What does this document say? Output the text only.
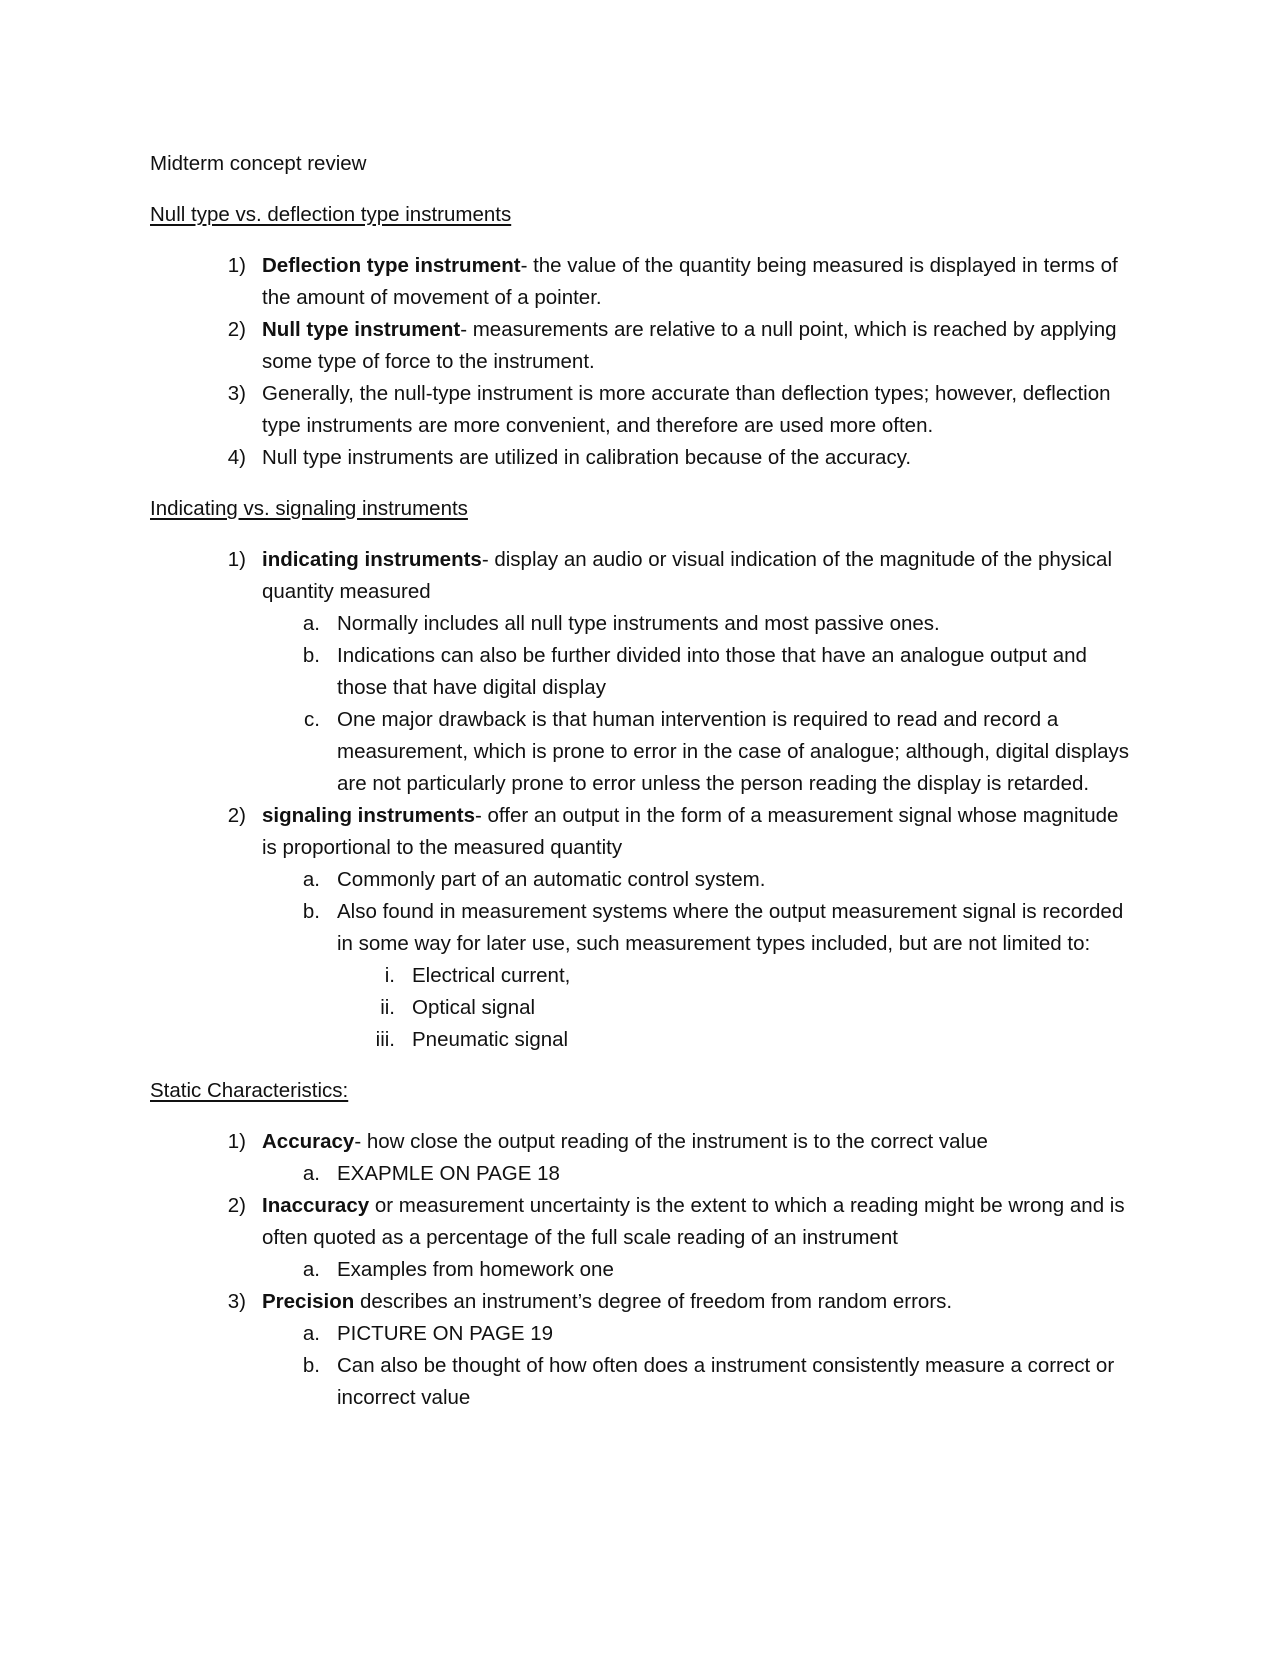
Midterm concept review

Null type vs. deflection type instruments

1) Deflection type instrument- the value of the quantity being measured is displayed in terms of the amount of movement of a pointer.
2) Null type instrument- measurements are relative to a null point, which is reached by applying some type of force to the instrument.
3) Generally, the null-type instrument is more accurate than deflection types; however, deflection type instruments are more convenient, and therefore are used more often.
4) Null type instruments are utilized in calibration because of the accuracy.

Indicating vs. signaling instruments

1) indicating instruments- display an audio or visual indication of the magnitude of the physical quantity measured
a. Normally includes all null type instruments and most passive ones.
b. Indications can also be further divided into those that have an analogue output and those that have digital display
c. One major drawback is that human intervention is required to read and record a measurement, which is prone to error in the case of analogue; although, digital displays are not particularly prone to error unless the person reading the display is retarded.
2) signaling instruments- offer an output in the form of a measurement signal whose magnitude is proportional to the measured quantity
a. Commonly part of an automatic control system.
b. Also found in measurement systems where the output measurement signal is recorded in some way for later use, such measurement types included, but are not limited to:
i. Electrical current,
ii. Optical signal
iii. Pneumatic signal

Static Characteristics:

1) Accuracy- how close the output reading of the instrument is to the correct value
a. EXAPMLE ON PAGE 18
2) Inaccuracy or measurement uncertainty is the extent to which a reading might be wrong and is often quoted as a percentage of the full scale reading of an instrument
a. Examples from homework one
3) Precision describes an instrument’s degree of freedom from random errors.
a. PICTURE ON PAGE 19
b. Can also be thought of how often does a instrument consistently measure a correct or incorrect value
